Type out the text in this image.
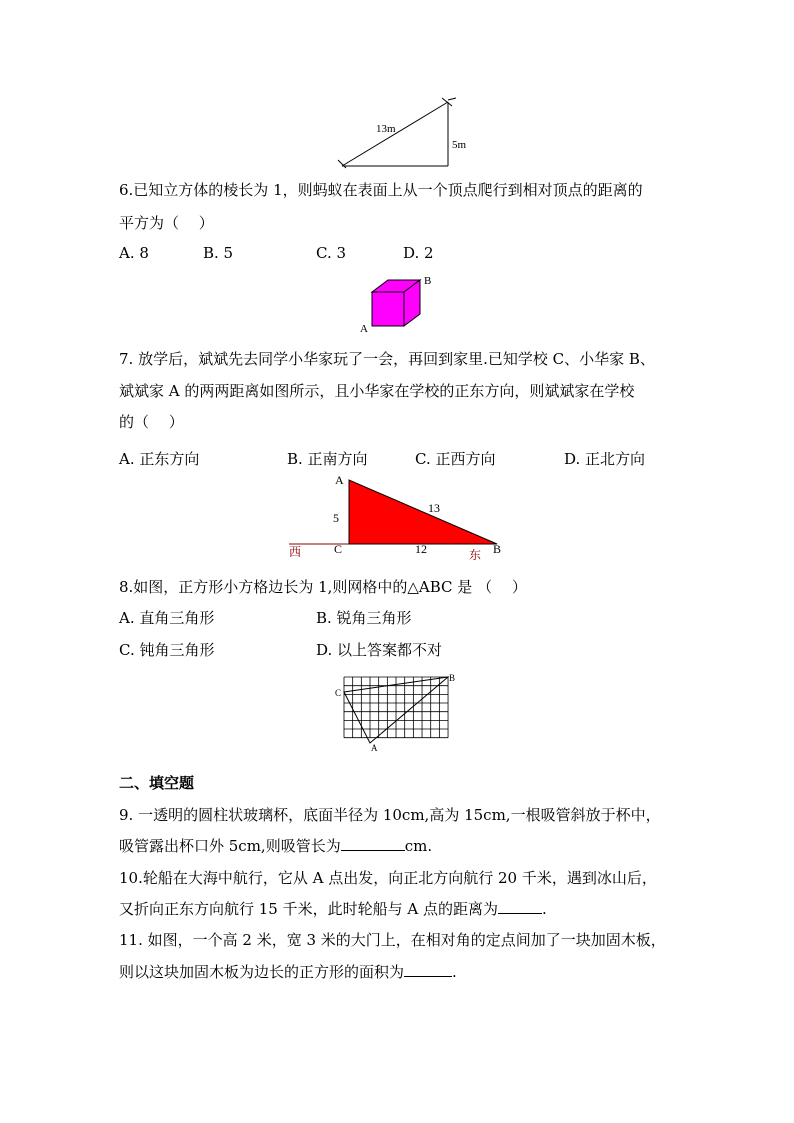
13m
5m
6.已知立方体的棱长为 1，则蚂蚁在表面上从一个顶点爬行到相对顶点的距离的
平方为（　 ）
A. 8	B. 5	C. 3	D. 2
B
A
7. 放学后，斌斌先去同学小华家玩了一会，再回到家里.已知学校 C、小华家 B、
斌斌家 A 的两两距离如图所示，且小华家在学校的正东方向，则斌斌家在学校
的（　 ）
A. 正东方向	B. 正南方向	C. 正西方向	D. 正北方向
A
5
13
C	12	B
西	东
8.如图，正方形小方格边长为 1,则网格中的△ABC 是 （　 ）
A. 直角三角形	B. 锐角三角形
C. 钝角三角形	D. 以上答案都不对
C
B
A
二、填空题
9. 一透明的圆柱状玻璃杯，底面半径为 10cm,高为 15cm,一根吸管斜放于杯中，
吸管露出杯口外 5cm,则吸管长为	cm.
10.轮船在大海中航行，它从 A 点出发，向正北方向航行 20 千米，遇到冰山后，
又折向正东方向航行 15 千米，此时轮船与 A 点的距离为	.
11. 如图，一个高 2 米，宽 3 米的大门上，在相对角的定点间加了一块加固木板，
则以这块加固木板为边长的正方形的面积为	.
